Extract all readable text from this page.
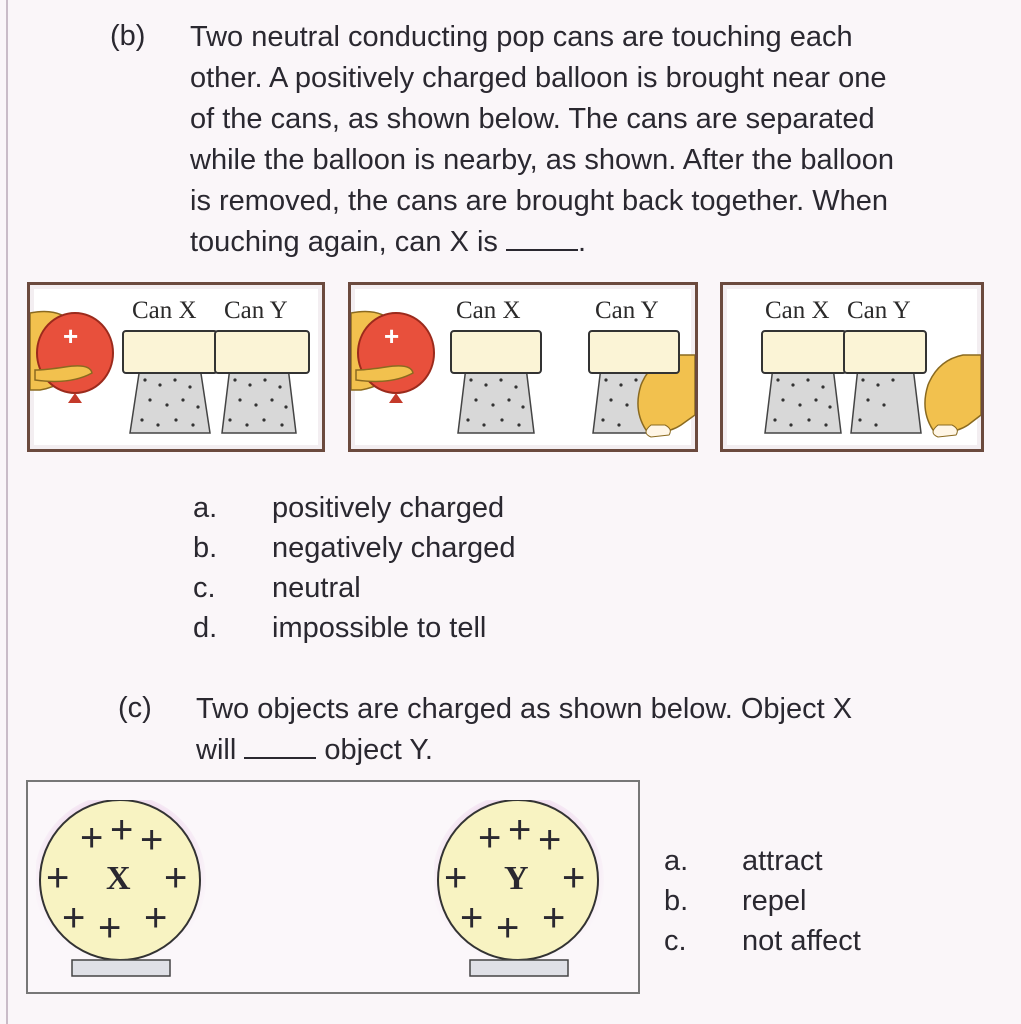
(b) Two neutral conducting pop cans are touching each
other. A positively charged balloon is brought near one
of the cans, as shown below. The cans are separated
while the balloon is nearby, as shown. After the balloon
is removed, the cans are brought back together. When
touching again, can X is	.
+
Can X Can Y
+
Can X	Can Y	Can X Can Y
a. positively charged
b. negatively charged
c. neutral
d. impossible to tell
(c) Two objects are charged as shown below. Object X
will	object Y.
X
+ + +
+ +
+ + +
Y
+ + +
+ +
+ + +
a. attract
b. repel
c. not affect
